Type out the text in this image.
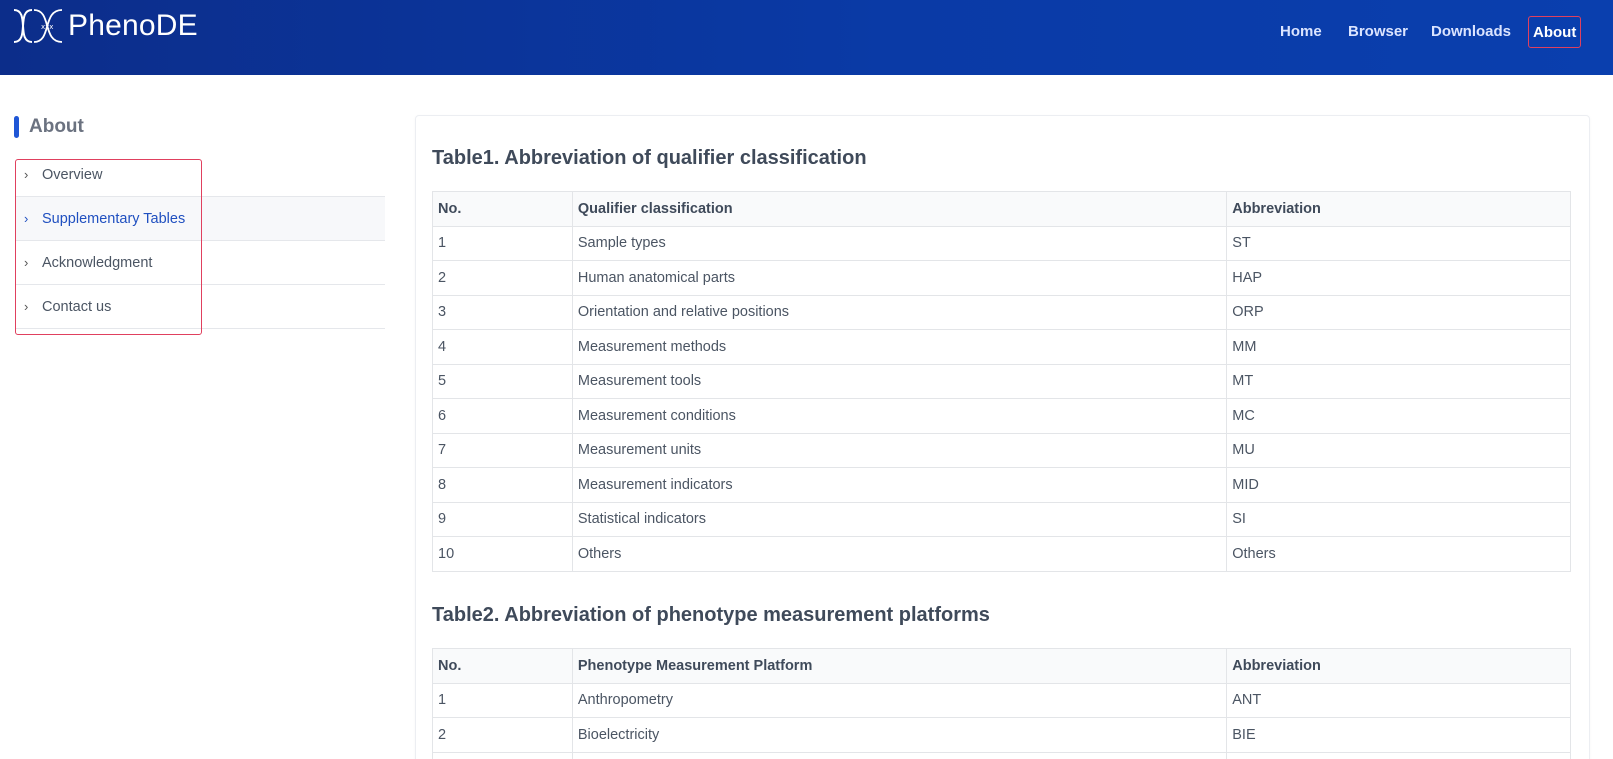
xxx PhenoDE	Home Browser Downloads	About
About
› Overview
› Supplementary Tables
› Acknowledgment
› Contact us
Table1. Abbreviation of qualifier classification
No.	Qualifier classification	Abbreviation
1	Sample types	ST
2	Human anatomical parts	HAP
3	Orientation and relative positions	ORP
4	Measurement methods	MM
5	Measurement tools	MT
6	Measurement conditions	MC
7	Measurement units	MU
8	Measurement indicators	MID
9	Statistical indicators	SI
10	Others	Others
Table2. Abbreviation of phenotype measurement platforms
No.	Phenotype Measurement Platform	Abbreviation
1	Anthropometry	ANT
2	Bioelectricity	BIE
